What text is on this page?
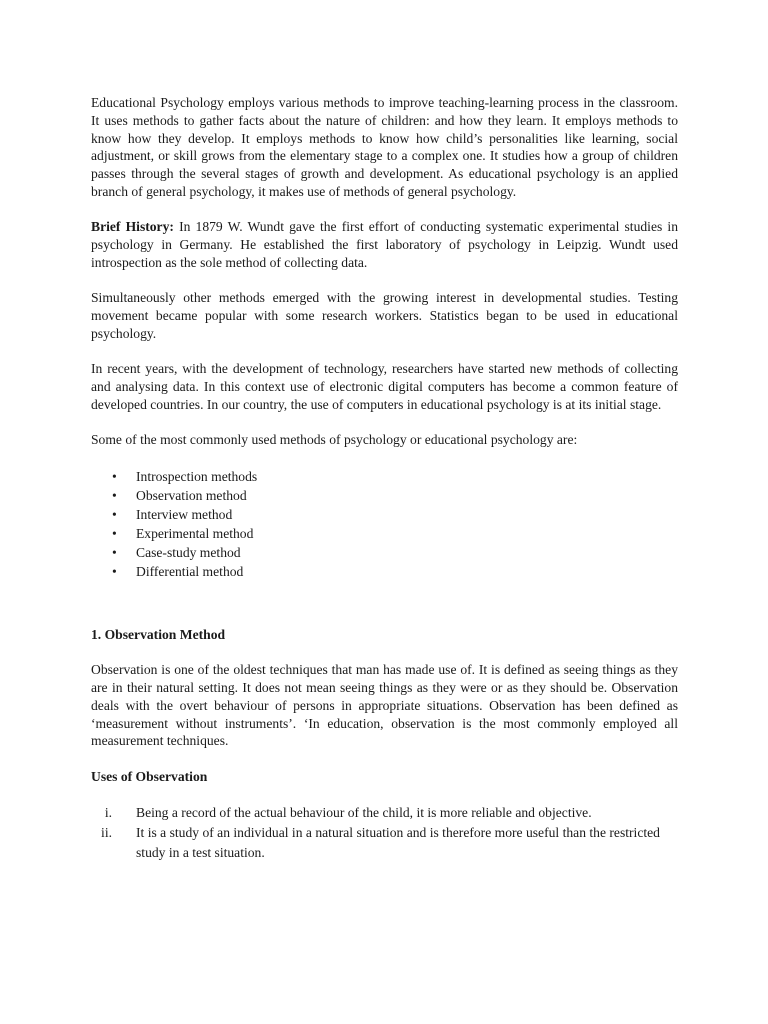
Educational Psychology employs various methods to improve teaching-learning process in the classroom. It uses methods to gather facts about the nature of children: and how they learn. It employs methods to know how they develop. It employs methods to know how child’s personalities like learning, social adjustment, or skill grows from the elementary stage to a complex one. It studies how a group of children passes through the several stages of growth and development. As educational psychology is an applied branch of general psychology, it makes use of methods of general psychology.

Brief History: In 1879 W. Wundt gave the first effort of conducting systematic experimental studies in psychology in Germany. He established the first laboratory of psychology in Leipzig. Wundt used introspection as the sole method of collecting data.

Simultaneously other methods emerged with the growing interest in developmental studies. Testing movement became popular with some research workers. Statistics began to be used in educational psychology.

In recent years, with the development of technology, researchers have started new methods of collecting and analysing data. In this context use of electronic digital computers has become a common feature of developed countries. In our country, the use of computers in educational psychology is at its initial stage.

Some of the most commonly used methods of psychology or educational psychology are:

• Introspection methods
• Observation method
• Interview method
• Experimental method
• Case-study method
• Differential method

1. Observation Method

Observation is one of the oldest techniques that man has made use of. It is defined as seeing things as they are in their natural setting. It does not mean seeing things as they were or as they should be. Observation deals with the overt behaviour of persons in appropriate situations. Observation has been defined as ‘measurement without instruments’. ‘In education, observation is the most commonly employed all measurement techniques.

Uses of Observation

i. Being a record of the actual behaviour of the child, it is more reliable and objective.
ii. It is a study of an individual in a natural situation and is therefore more useful than the restricted study in a test situation.
